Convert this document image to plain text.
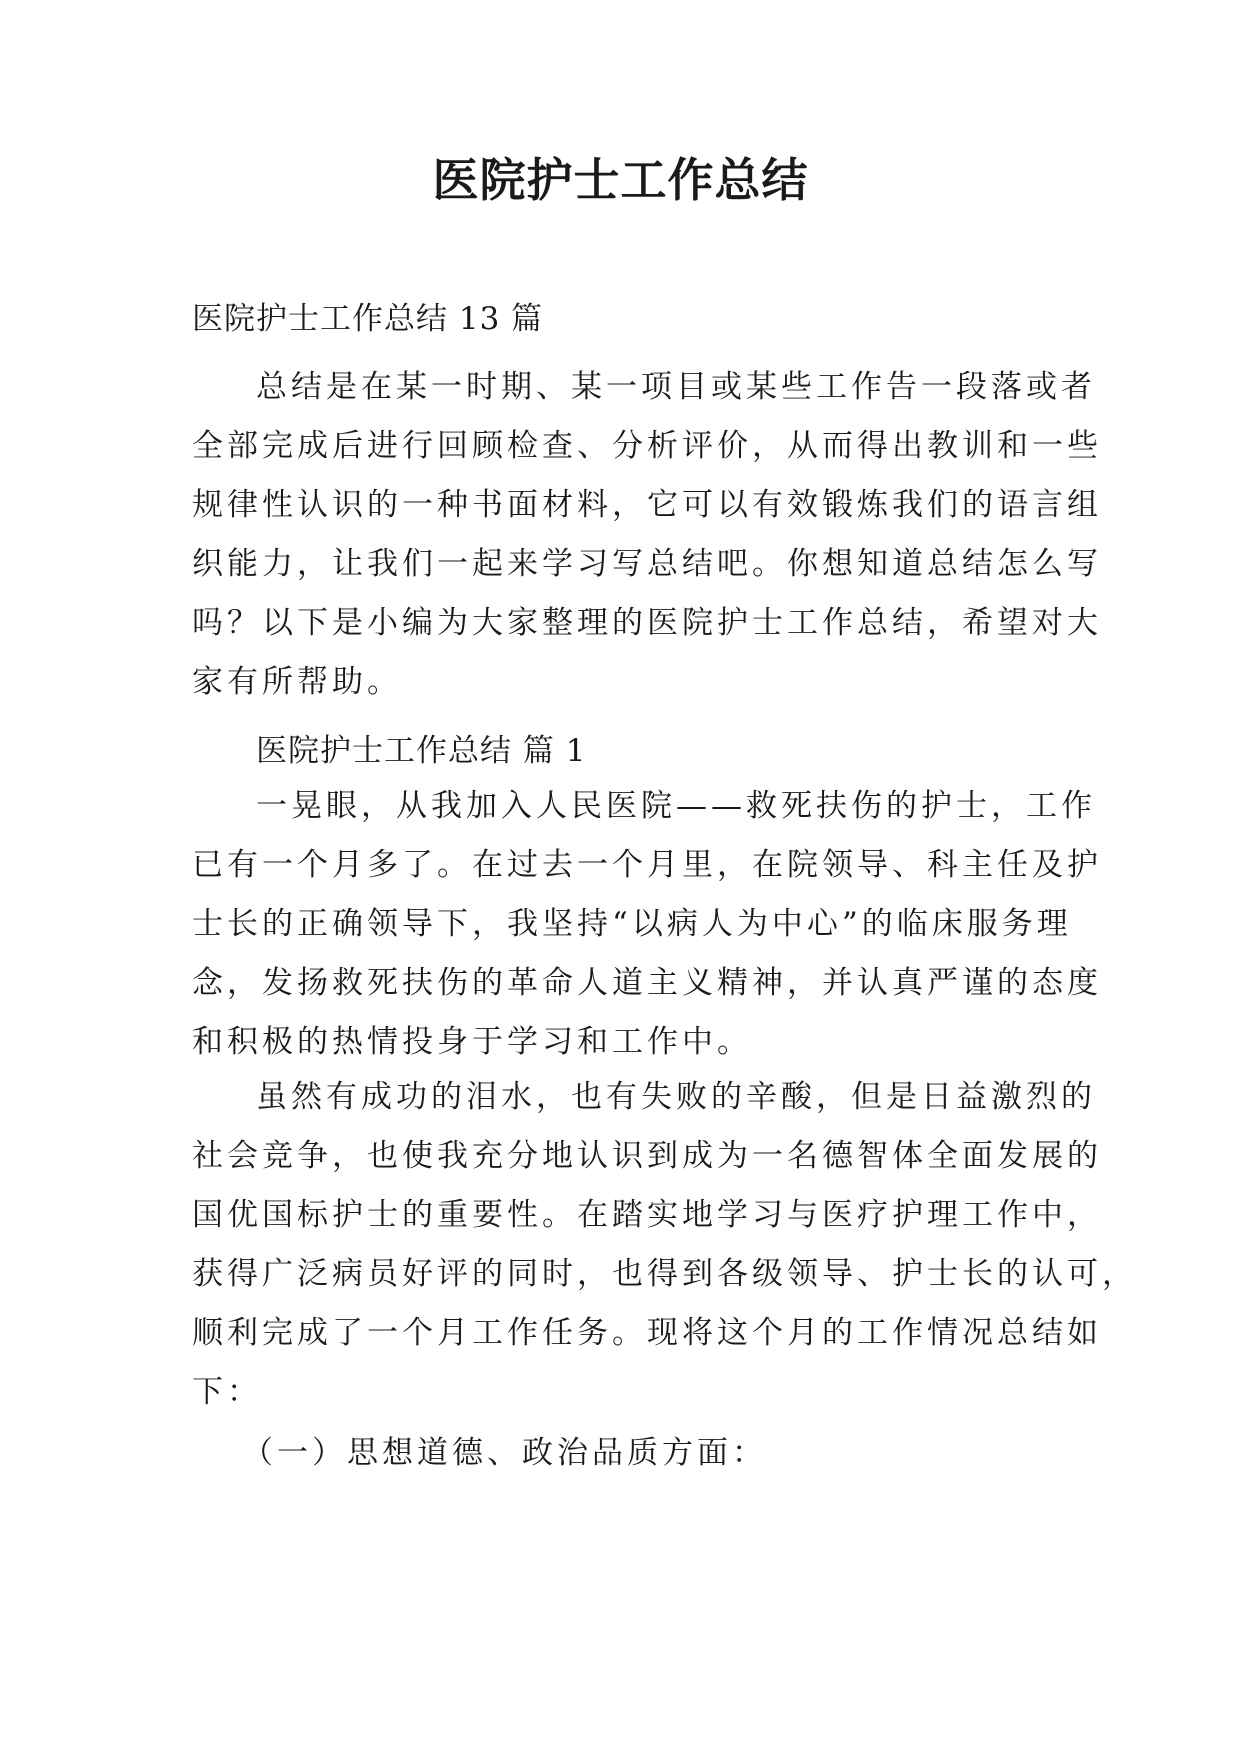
医院护士工作总结
医院护士工作总结 13 篇
总结是在某一时期、某一项目或某些工作告一段落或者
全部完成后进行回顾检查、分析评价，从而得出教训和一些
规律性认识的一种书面材料，它可以有效锻炼我们的语言组
织能力，让我们一起来学习写总结吧。你想知道总结怎么写
吗？以下是小编为大家整理的医院护士工作总结，希望对大
家有所帮助。
医院护士工作总结 篇 1
一晃眼，从我加入人民医院——救死扶伤的护士，工作
已有一个月多了。在过去一个月里，在院领导、科主任及护
士长的正确领导下，我坚持“以病人为中心”的临床服务理
念，发扬救死扶伤的革命人道主义精神，并认真严谨的态度
和积极的热情投身于学习和工作中。
虽然有成功的泪水，也有失败的辛酸，但是日益激烈的
社会竞争，也使我充分地认识到成为一名德智体全面发展的
国优国标护士的重要性。在踏实地学习与医疗护理工作中，
获得广泛病员好评的同时，也得到各级领导、护士长的认可，
顺利完成了一个月工作任务。现将这个月的工作情况总结如
下：
（一）思想道德、政治品质方面：
